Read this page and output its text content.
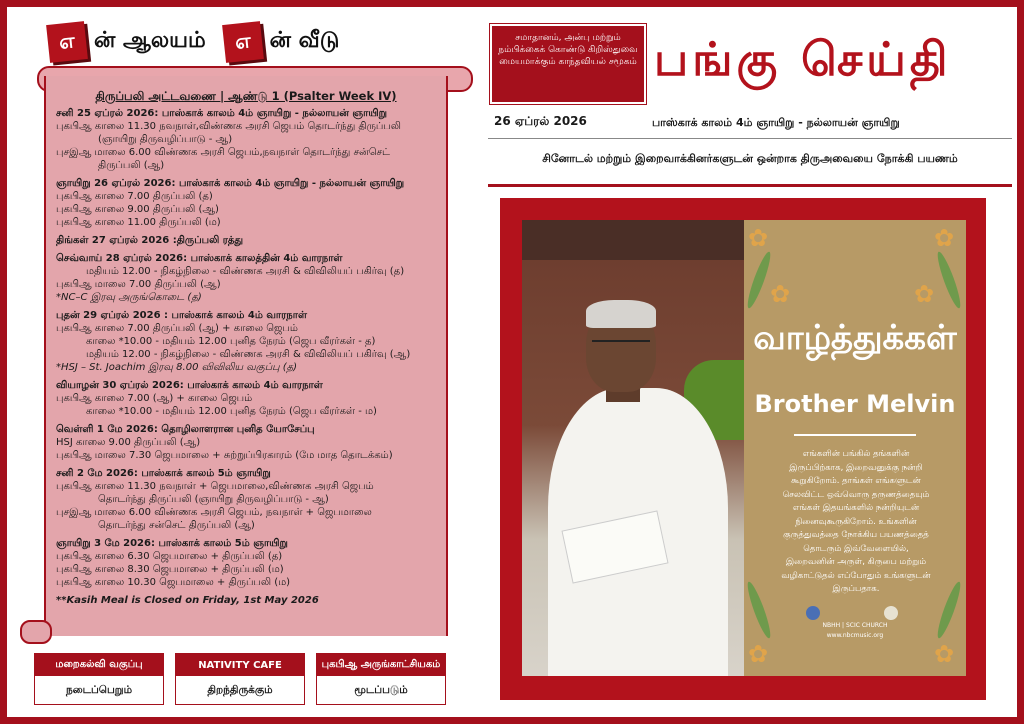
எ ன் ஆலயம்	எ ன் வீடு
திருப்பலி அட்டவணை | ஆண்டு 1 (Psalter Week IV)
சனி 25 ஏப்ரல் 2026: பாஸ்காக் காலம் 4ம் ஞாயிறு - நல்லாயன் ஞாயிறு
புகபிஆ காலை 11.30 நவநாள்,விண்ணக அரசி ஜெபம் தொடர்ந்து திருப்பலி
(ஞாயிறு திருவழிப்பாடு - ஆ)
புசஇஆ மாலை 6.00 விண்ணக அரசி ஜெபம்,நவநாள் தொடர்ந்து சன்செட்
திருப்பலி (ஆ)
ஞாயிறு 26 ஏப்ரல் 2026: பாஸ்காக் காலம் 4ம் ஞாயிறு - நல்லாயன் ஞாயிறு
புகபிஆ காலை 7.00 திருப்பலி (த)
புகபிஆ காலை 9.00 திருப்பலி (ஆ)
புகபிஆ காலை 11.00 திருப்பலி (ம)
திங்கள் 27 ஏப்ரல் 2026 :திருப்பலி ரத்து
செவ்வாய் 28 ஏப்ரல் 2026: பாஸ்காக் காலத்தின் 4ம் வாரநாள்
மதியம் 12.00 - நிகழ்நிலை - விண்ணக அரசி & விவிலியப் பகிர்வு (த)
புகபிஆ மாலை 7.00 திருப்பலி (ஆ)
*NC–C இரவு அருங்கொடை (த)
புதன் 29 ஏப்ரல் 2026 : பாஸ்காக் காலம் 4ம் வாரநாள்
புகபிஆ காலை 7.00 திருப்பலி (ஆ) + காலை ஜெபம்
காலை *10.00 - மதியம் 12.00 புனித நேரம் (ஜெப வீரர்கள் - த)
மதியம் 12.00 - நிகழ்நிலை - விண்ணக அரசி & விவிலியப் பகிர்வு (ஆ)
*HSJ – St. Joachim இரவு 8.00 விவிலிய வகுப்பு (த)
வியாழன் 30 ஏப்ரல் 2026: பாஸ்காக் காலம் 4ம் வாரநாள்
புகபிஆ காலை 7.00 (ஆ) + காலை ஜெபம்
காலை *10.00 - மதியம் 12.00 புனித நேரம் (ஜெப வீரர்கள் - ம)
வெள்ளி 1 மே 2026: தொழிலாளரான புனித யோசேப்பு
HSJ காலை 9.00 திருப்பலி (ஆ)
புகபிஆ மாலை 7.30 ஜெபமாலை + சுற்றுப்பிரகாரம் (மே மாத தொடக்கம்)
சனி 2 மே 2026: பாஸ்காக் காலம் 5ம் ஞாயிறு
புகபிஆ காலை 11.30 நவநாள் + ஜெபமாலை,விண்ணக அரசி ஜெபம்
தொடர்ந்து திருப்பலி (ஞாயிறு திருவழிப்பாடு - ஆ)
புசஇஆ மாலை 6.00 விண்ணக அரசி ஜெபம், நவநாள் + ஜெபமாலை
தொடர்ந்து சன்செட் திருப்பலி (ஆ)
ஞாயிறு 3 மே 2026: பாஸ்காக் காலம் 5ம் ஞாயிறு
புகபிஆ காலை 6.30 ஜெபமாலை + திருப்பலி (த)
புகபிஆ காலை 8.30 ஜெபமாலை + திருப்பலி (ம)
புகபிஆ காலை 10.30 ஜெபமாலை + திருப்பலி (ம)
**Kasih Meal is Closed on Friday, 1st May 2026
மறைகல்வி வகுப்பு
நடைப்பெறும்
NATIVITY CAFE
திறந்திருக்கும்
புகபிஆ அருங்காட்சியகம்
மூடப்படும்
சமாதானம், அன்பு மற்றும் நம்பிக்கைக் கொண்டு கிறிஸ்துவை மையமாக்கும் காந்தவியல் சமூகம் பங்கு செய்தி
26 ஏப்ரல் 2026	பாஸ்காக் காலம் 4ம் ஞாயிறு - நல்லாயன் ஞாயிறு
சினோடல் மற்றும் இறைவாக்கினர்களுடன் ஒன்றாக திருஅவையை நோக்கி பயணம்
✿	✿
✿	✿
✿	✿
வாழ்த்துக்கள்
Brother Melvin
எங்களின் பங்கில் தங்களின் இருப்பிற்காக, இறைவனுக்கு நன்றி கூறுகிறோம். தாங்கள் எங்களுடன் செலவிட்ட ஒவ்வொரு தருணத்தையும் எங்கள் இதயங்களில் நன்றியுடன் நினைவுகூருகிறோம். உங்களின் குருத்துவத்தை நோக்கிய பயணத்தைத் தொடரும் இவ்வேளையில், இறைவனின் அருள், கிருபை மற்றும் வழிகாட்டுதல் எப்போதும் உங்களுடன் இருப்பதாக.
NBHH | SCIC CHURCH
www.nbcmusic.org
